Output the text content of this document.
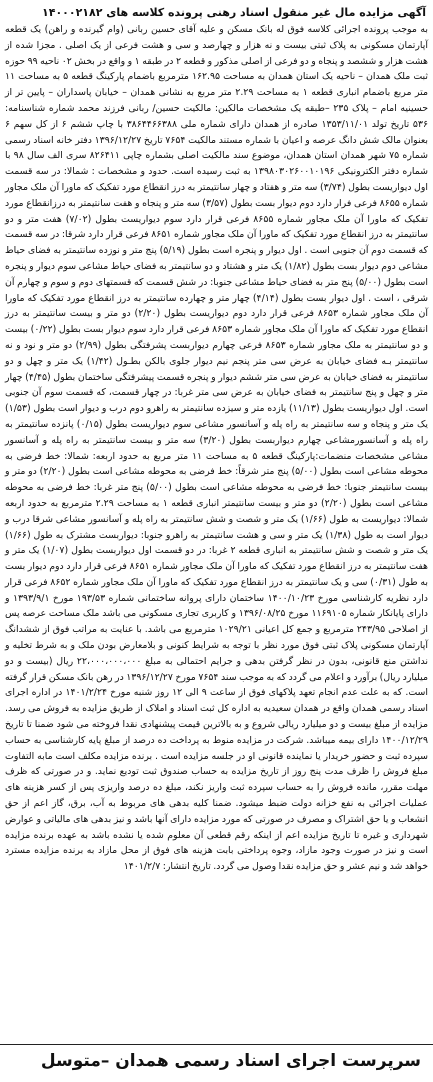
آگهی مزایده مال غیر منقول اسناد رهنی پرونده کلاسه های ۱۴۰۰۰۲۱۸۲

به موجب پرونده اجرائی کلاسه فوق له بانک مسکن و علیه آقای حسین ربانی (وام گیرنده و راهن) یک قطعه آپارتمان مسکونی به پلاک ثبتی بیست و نه هزار و چهارصد و سی و هشت فرعی از یک اصلی . مجزا شده از هشت هزار و ششصد و پنجاه و دو فرعی از اصلی مذکور و قطعه ۲ در طبقه ۱ و واقع در بخش ۰۲ ناحیه ۹۹ حوزه ثبت ملک همدان – ناحیه یک استان همدان به مساحت ۱۶۲.۹۵ مترمربع باضمام پارکینگ قطعه ۵ به مساحت ۱۱ متر مربع باضمام انباری قطعه ۱ به مساحت ۲.۲۹ متر مربع به نشانی همدان – خیابان پاسداران – پایین تر از حسینیه امام – پلاک ۲۳۵ –طبقه یک مشخصات مالکین: مالکیت حسین/ ربانی فرزند محمد شماره شناسنامه: ۵۳۶ تاریخ تولد ۱۳۵۳/۱۱/۰۱ صادره از همدان دارای شماره ملی ۳۸۶۴۴۶۶۳۸۸ با چاپ ششم ۶ از کل سهم ۶ بعنوان مالک شش دانگ عرصه و اعیان با شماره مستند مالکیت ۷۶۵۴ تاریخ ۱۳۹۶/۱۲/۲۷ دفتر خانه اسناد رسمی شماره ۷۵ شهر همدان استان همدان، موضوع سند مالکیت اصلی بشماره چاپی ۸۲۶۴۱۱ سری الف سال ۹۸ با شماره دفتر الکترونیکی ۱۳۹۸۰۳۰۲۶۰۰۱۰۱۹۶ به ثبت رسیده است. حدود و مشخصات : شمالا: در سه قسمت اول دیواریست بطول (۳/۷۴) سه متر و هفتاد و چهار سانتیمتر به درز انقطاع مورد تفکیک که ماورا آن ملک مجاور شماره ۸۶۵۵ فرعی فرار دارد دوم دیوار بست بطول (۳/۵۷) سه متر و پنجاه و هفت سانتیمتر به درزانقطاع مورد تفکیک که ماورا آن ملک مجاور شماره ۸۶۵۵ فرعی قرار دارد سوم دیواریست بطول (۷/۰۲) هفت متر و دو سانتیمتر به درز انقطاع مورد تفکیک که ماورا آن ملک مجاور شماره ۸۶۵۱ فرعی قرار دارد شرقا: در سه قسمت که قسمت دوم آن جنوبی است . اول دیوار و پنجره است بطول (۵/۱۹) پنج متر و نوزده سانتیمتر به فضای حیاط مشاعی دوم دیوار بست بطول (۱/۸۲) یک متر و هشتاد و دو سانتیمتر به فضای حیاط مشاعی سوم دیوار و پنجره است بطول (۵/۰۰) پنج متر به فضای حیاط مشاعی جنوبا: در شش قسمت که قسمتهای دوم و سوم و چهارم آن شرقی ، است . اول دیوار بست بطول (۴/۱۴) چهار متر و چهارده سانتیمتر به درز انقطاع مورد تفکیک که ماورا آن ملک مجاور شماره ۸۶۵۳ فرعی قرار دارد دوم دیواریست بطول (۲/۲۰) دو متر و بیست سانتیمتر به درز انقطاع مورد تفکیک که ماورا آن ملک مجاور شماره ۸۶۵۳ فرعی قرار دارد سوم دیوار بست بطول (۰/۲۲) بیست و دو سانتیمتر به ملک مجاور شماره ۸۶۵۳ فرعی چهارم دیواربست پشرفتگی بطول (۲/۹۹) دو متر و نود و نه سانتیمتر بـه فضای خیابان به عرض سی متر پنجم نیم دیوار جلوی بالکن بطـول (۱/۴۲) یک متر و چهل و دو سانتیمتر به فضای خیابان به عرض سی متر ششم دیوار و پنجره قسمت پیشرفتگی ساختمان بطول (۴/۴۵) چهار متر و چهل و پنج سانتیمتر به فضای خیابان به عرض سی متر غربا: در چهار قسمت، که قسمت سوم آن جنوبی است. اول دیواریست بطول (۱۱/۱۳) یازده متر و سیزده سانتیمتر به راهرو دوم درب و دیوار است بطول (۱/۵۳) یک متر و پنجاه و سه سانتیمتر به راه پله و آسانسور مشاعی سوم دیواریست بطول (۰/۱۵) پانزده سانتیمتر به راه پله و آسانسورمشاعی چهارم دیواربست بطول (۳/۲۰) سه متر و بیست سانتیمتر به راه پله و آسانسور مشاعی مشخصات منضمات:پارکینگ قطعه ۵ به مساحت ۱۱ متر مربع به حدود اربعه: شمالا: خط فرضی به محوطه مشاعی است بطول (۵/۰۰) پنج متر شرقاً: خط فرضی به محوطه مشاعی است بطول (۲/۲۰) دو متر و بیست سانتیمتر جنوبا: خط فرضی به محوطه مشاعی است بطول (۵/۰۰) پنج متر غربا: خط فرضی به محوطه مشاعی است بطول (۲/۲۰) دو متر و بیست سانتیمتر انباری قطعه ۱ به مساحت ۲.۲۹ مترمربع به حدود اربعه شمالا: دیواریست به طول (۱/۶۶) یک متر و شصت و شش سانتیمتر به راه پله و آسانسور مشاعی شرقا درب و دیوار است به طول (۱/۳۸) یک متر و سی و هشت سانتیمتر به راهرو جنوبا: دیواربست مشترک به طول (۱/۶۶) یک متر و شصت و شش سانتیمتر به انباری قطعه ۲ غربا: در دو قسمت اول دیواربست بطول (۱/۰۷) یک متر و هفت سانتیمتر به درز انقطاع مورد تفکیک که ماورا آن ملک مجاور شماره ۸۶۵۱ فرعی قرار دارد دوم دیوار بست به طول (۰/۳۱) سی و یک سانتیمتر به درز انقطاع مورد تفکیک که ماورا آن ملک مجاور شماره ۸۶۵۲ فرعی قرار دارد نظریه کارشناسی مورخ ۱۴۰۰/۱۰/۲۳ ساختمان دارای پروانه ساختمانی شماره ۱۹۳/۵۳ مورخ ۱۳۹۳/۹/۱ و دارای پایانکار شماره ۱۱۶۹۱۰۵ مورخ ۱۳۹۶/۰۸/۲۵ و کاربری تجاری مسکونی می باشد ملک مساحت عرصه پس از اصلاحی ۲۴۳/۹۵ مترمربع و جمع کل اعیانی ۱۰۲۹/۲۱ مترمربع می باشد. با عنایت به مراتب فوق از ششدانگ آپارتمان مسکونی پلاک ثبتی فوق مورد نظر با توجه به شرایط کنونی و بلامعارض بودن ملک و به شرط تخلیه و نداشتن منع قانونی، بدون در نظر گرفتن بدهی و جرایم احتمالی به مبلغ ۲۲،۰۰۰،۰۰۰،۰۰۰ ریال (بیست و دو میلیارد ریال) برآورد و اعلام می گردد که به موجب سند ۷۶۵۴ مورخ ۱۳۹۶/۱۲/۲۷ در رهن بانک مسکن قرار گرفته است. که به علت عدم انجام تعهد پلاکهای فوق از ساعت ۹ الی ۱۲ روز شنبه مورخ ۱۴۰۱/۲/۲۴ در اداره اجرای اسناد رسمی همدان واقع در همدان سعیدیه به اداره کل ثبت اسناد و املاک از طریق مزایده به فروش می رسد. مزایده از مبلغ بیست و دو میلیارد ریالی شروع و به بالاترین قیمت پیشنهادی نقدا فروخته می شود ضمنا تا تاریخ ۱۴۰۰/۱۲/۲۹ دارای بیمه میباشد. شرکت در مزایده منوط به پرداخت ده درصد از مبلغ پایه کارشناسی به حساب سپرده ثبت و حضور خریدار یا نماینده قانونی او در جلسه مزایده است . برنده مزایده مکلف است مابه التفاوت مبلغ فروش را ظرف مدت پنج روز از تاریخ مزایده به حساب صندوق ثبت تودیع نماید. و در صورتی که ظرف مهلت مقرر، مانده فروش را به حساب سپرده ثبت واریز نکند، مبلغ ده درصد واریزی پس از کسر هزینه های عملیات اجرائی به نفع خزانه دولت ضبط میشود. ضمنا کلیه بدهی های مربوط به آب، برق، گاز اعم از حق انشعاب و یا حق اشتراک و مصرف در صورتی که مورد مزایده دارای آنها باشد و نیز بدهی های مالیاتی و عوارض شهرداری و غیره تا تاریخ مزایده اعم از اینکه رقم قطعی آن معلوم شده یا نشده باشد به عهده برنده مزایده است و نیز در صورت وجود مازاد، وجوه پرداختی بابت هزینه های فوق از محل مازاد به برنده مزایده مسترد خواهد شد و نیم عشر و حق مزایده نقدا وصول می گردد. تاریخ انتشار: ۱۴۰۱/۲/۷

سرپرست اجرای اسناد رسمی همدان –متوسل
